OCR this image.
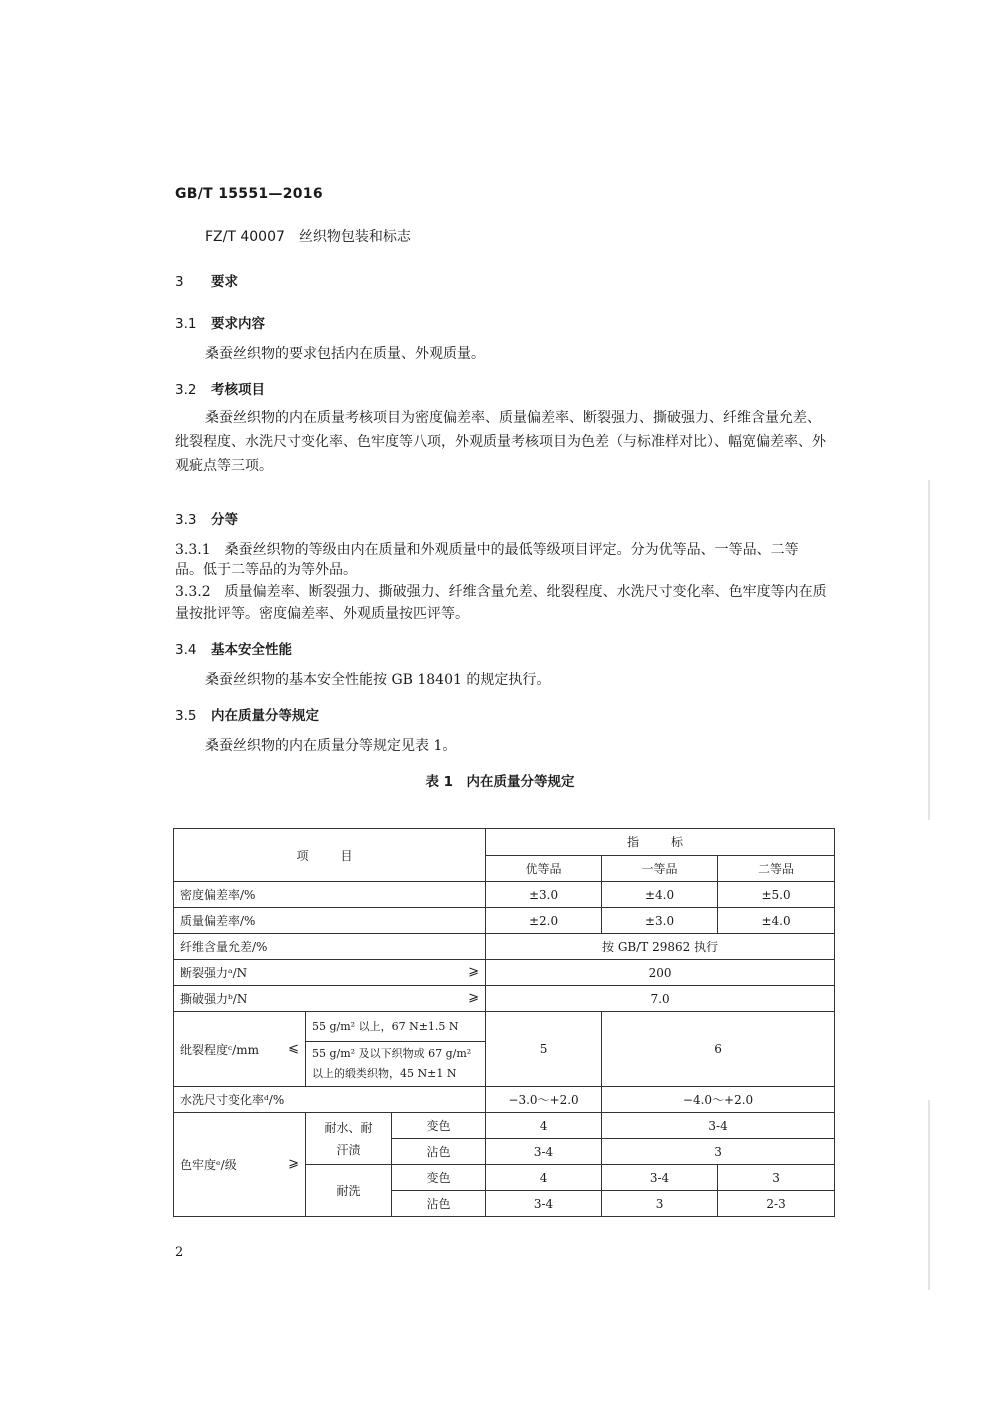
GB/T 15551—2016
FZ/T 40007 丝织物包装和标志
3 要求
3.1 要求内容
桑蚕丝织物的要求包括内在质量、外观质量。
3.2 考核项目
桑蚕丝织物的内在质量考核项目为密度偏差率、质量偏差率、断裂强力、撕破强力、纤维含量允差、
纰裂程度、水洗尺寸变化率、色牢度等八项，外观质量考核项目为色差（与标准样对比）、幅宽偏差率、外
观疵点等三项。
3.3 分等
3.3.1　桑蚕丝织物的等级由内在质量和外观质量中的最低等级项目评定。分为优等品、一等品、二等
品。低于二等品的为等外品。
3.3.2　质量偏差率、断裂强力、撕破强力、纤维含量允差、纰裂程度、水洗尺寸变化率、色牢度等内在质
量按批评等。密度偏差率、外观质量按匹评等。
3.4 基本安全性能
桑蚕丝织物的基本安全性能按 GB 18401 的规定执行。
3.5 内在质量分等规定
桑蚕丝织物的内在质量分等规定见表 1。
表 1　内在质量分等规定
项　目			指　标		
			优等品	一等品	二等品
密度偏差率/%			±3.0	±4.0	±5.0
质量偏差率/%			±2.0	±3.0	±4.0
纤维含量允差/%			按 GB/T 29862 执行		
断裂强力ᵃ/N ⩾			200		
撕破强力ᵇ/N ⩾			7.0		
纰裂程度ᶜ/mm ⩽	55 g/m² 以上，67 N±1.5 N		5	6	
	55 g/m² 及以下织物或 67 g/m² 以上的缎类织物，45 N±1 N				
水洗尺寸变化率ᵈ/%			−3.0～+2.0	−4.0～+2.0	
色牢度ᵉ/级 ⩾	耐水、耐汗渍	变色	4	3-4	
		沾色	3-4	3	
	耐洗	变色	4	3-4	3
		沾色	3-4	3	2-3
2
